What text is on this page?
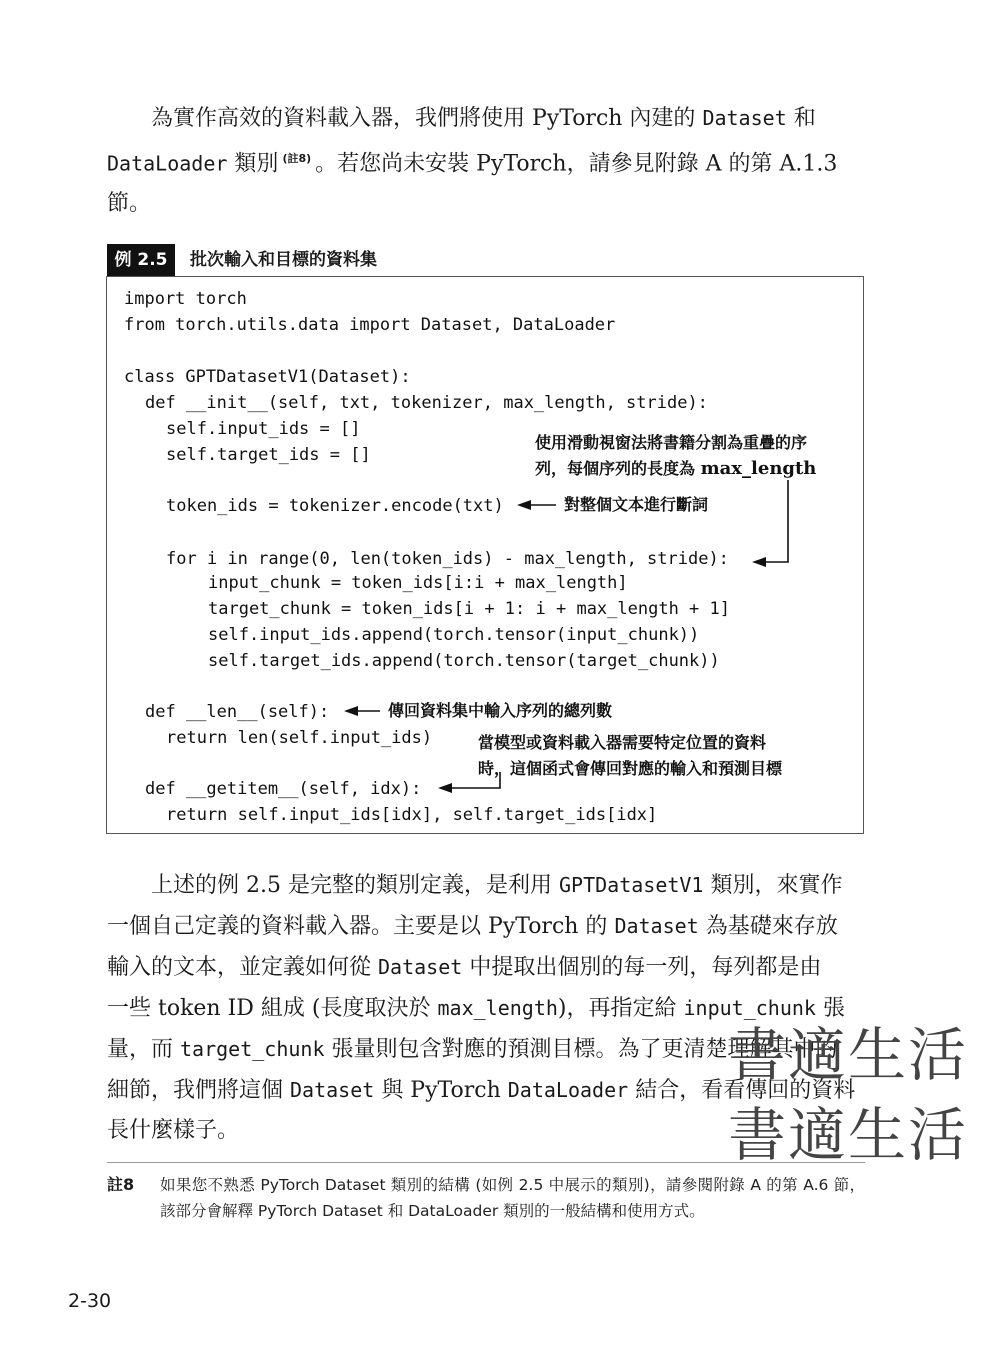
為實作高效的資料載入器，我們將使用 PyTorch 內建的 Dataset 和
DataLoader 類別 $^{(註8)}$ 。若您尚未安裝 PyTorch，請參見附錄 A 的第 A.1.3
節。
例 2.5	批次輸入和目標的資料集
import torch
from torch.utils.data import Dataset, DataLoader
class GPTDatasetV1(Dataset):
def __init__(self, txt, tokenizer, max_length, stride):
self.input_ids = []
self.target_ids = []
token_ids = tokenizer.encode(txt)
for i in range(0, len(token_ids) - max_length, stride):
input_chunk = token_ids[i:i + max_length]
target_chunk = token_ids[i + 1: i + max_length + 1]
self.input_ids.append(torch.tensor(input_chunk))
self.target_ids.append(torch.tensor(target_chunk))
def __len__(self):
return len(self.input_ids)
def __getitem__(self, idx):
return self.input_ids[idx], self.target_ids[idx]
使用滑動視窗法將書籍分割為重疊的序
列，每個序列的長度為 max_length
對整個文本進行斷詞
傳回資料集中輸入序列的總列數
當模型或資料載入器需要特定位置的資料
時，這個函式會傳回對應的輸入和預測目標
上述的例 2.5 是完整的類別定義，是利用 GPTDatasetV1 類別，來實作
一個自己定義的資料載入器。主要是以 PyTorch 的 Dataset 為基礎來存放
輸入的文本，並定義如何從 Dataset 中提取出個別的每一列，每列都是由
一些 token ID 組成 (長度取決於 max_length)，再指定給 input_chunk 張
量，而 target_chunk 張量則包含對應的預測目標。為了更清楚理解其中的
細節，我們將這個 Dataset 與 PyTorch DataLoader 結合，看看傳回的資料
長什麼樣子。
書適生活
書適生活
註8 如果您不熟悉 PyTorch Dataset 類別的結構 (如例 2.5 中展示的類別)，請參閱附錄 A 的第 A.6 節，該部分會解釋 PyTorch Dataset 和 DataLoader 類別的一般結構和使用方式。
2-30
